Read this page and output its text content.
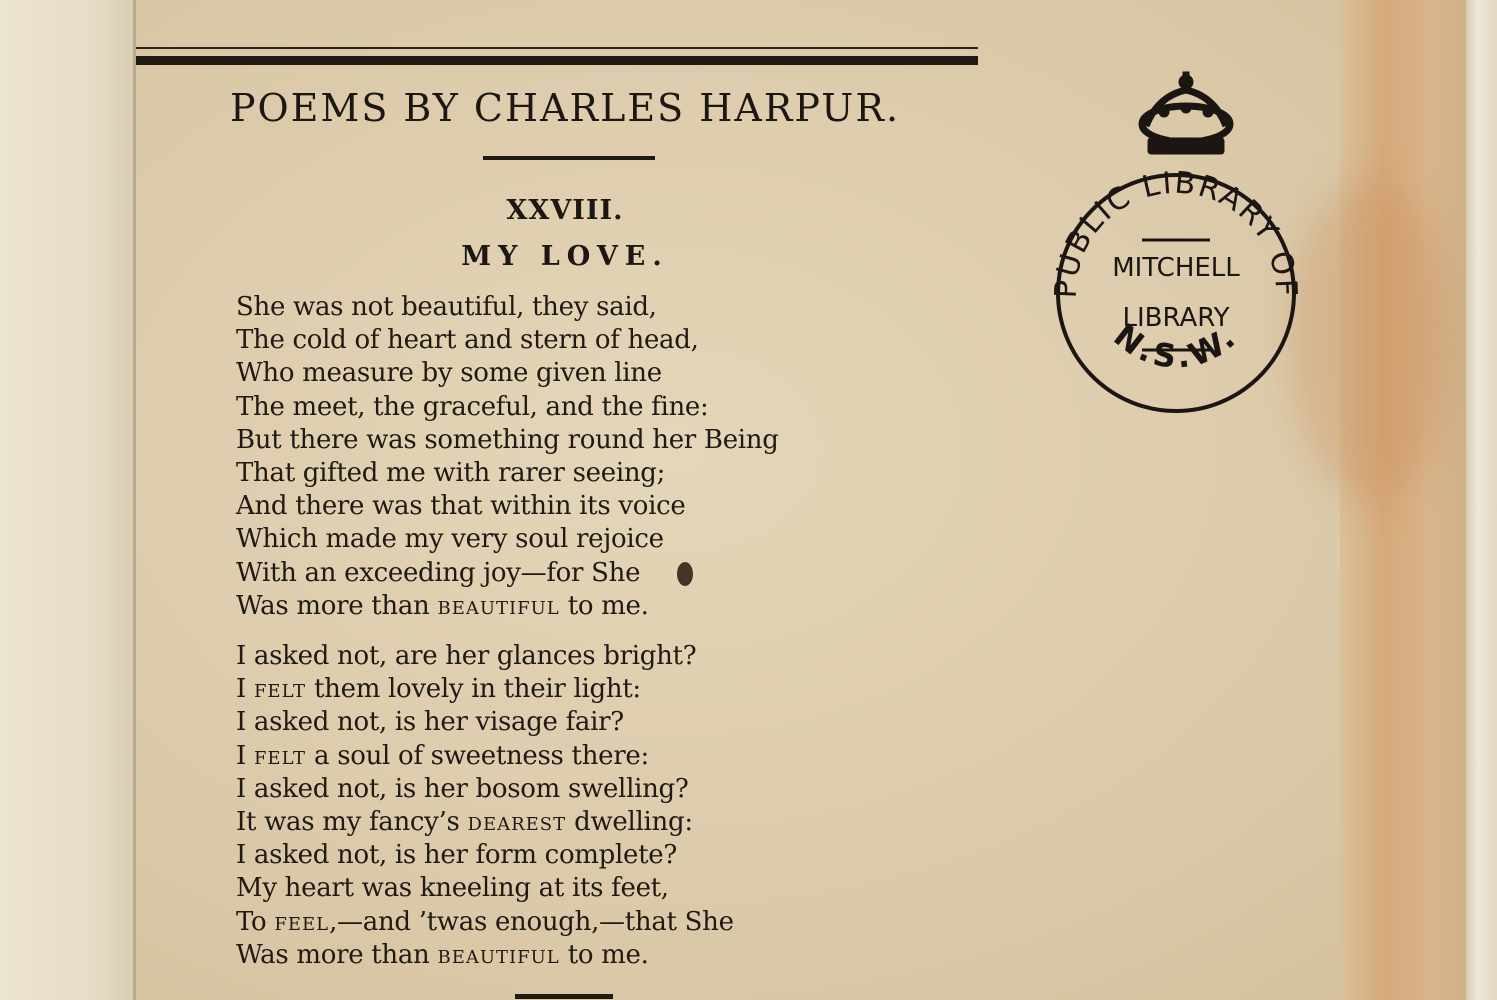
POEMS BY CHARLES HARPUR.
XXVIII.
MY LOVE.
She was not beautiful, they said,
The cold of heart and stern of head,
Who measure by some given line
The meet, the graceful, and the fine:
But there was something round her Being
That gifted me with rarer seeing;
And there was that within its voice
Which made my very soul rejoice
With an exceeding joy—for She
Was more than beautiful to me.
I asked not, are her glances bright?
I felt them lovely in their light:
I asked not, is her visage fair?
I felt a soul of sweetness there:
I asked not, is her bosom swelling?
It was my fancy’s dearest dwelling:
I asked not, is her form complete?
My heart was kneeling at its feet,
To feel,—and ’twas enough,—that She
Was more than beautiful to me.
PUBLIC LIBRARY OF
N.S.W.
MITCHELL
LIBRARY
